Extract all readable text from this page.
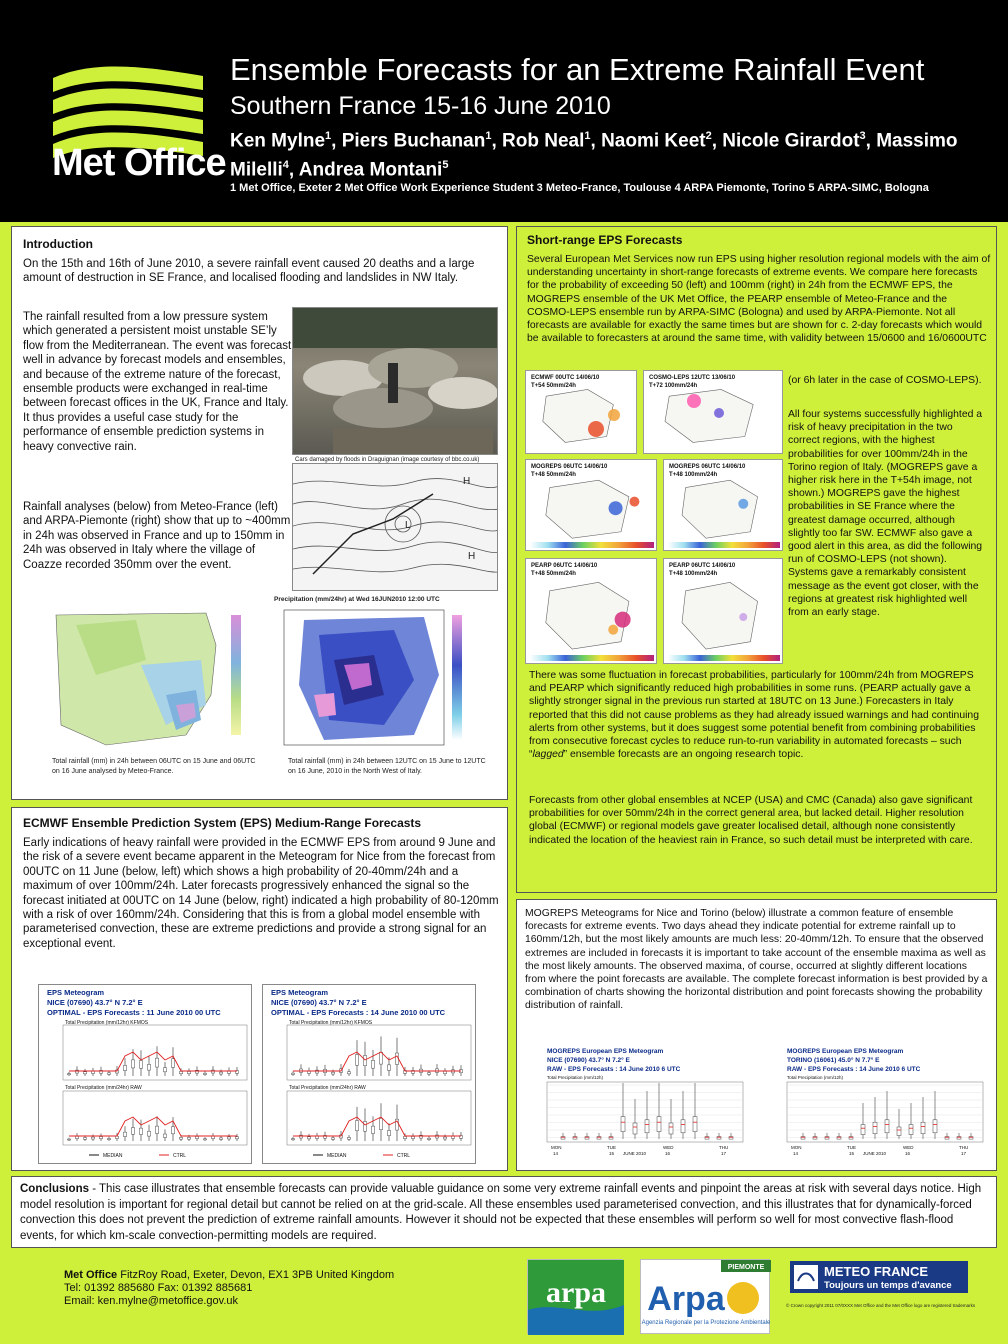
Met Office
Ensemble Forecasts for an Extreme Rainfall Event
Southern France 15-16 June 2010
Ken Mylne$^1$, Piers Buchanan$^1$, Rob Neal$^1$, Naomi Keet$^2$, Nicole Girardot$^3$, Massimo Milelli$^4$, Andrea Montani$^5$
1 Met Office, Exeter 2 Met Office Work Experience Student 3 Meteo-France, Toulouse 4 ARPA Piemonte, Torino 5 ARPA-SIMC, Bologna
Introduction
On the 15th and 16th of June 2010, a severe rainfall event caused 20 deaths and a large amount of destruction in SE France, and localised flooding and landslides in NW Italy.
The rainfall resulted from a low pressure system which generated a persistent moist unstable SE’ly flow from the Mediterranean. The event was forecast well in advance by forecast models and ensembles, and because of the extreme nature of the forecast, ensemble products were exchanged in real-time between forecast offices in the UK, France and Italy. It thus provides a useful case study for the performance of ensemble prediction systems in heavy convective rain.
Rainfall analyses (below) from Meteo-France (left) and ARPA-Piemonte (right) show that up to ~400mm in 24h was observed in France and up to 150mm in 24h was observed in Italy where the village of Coazze recorded 350mm over the event.
Cars damaged by floods in Draguignan (image courtesy of bbc.co.uk)
L
H
H
Total rainfall (mm) in 24h between 06UTC on 15 June and 06UTC on 16 June analysed by Meteo-France.
Precipitation (mm/24hr) at Wed 16JUN2010 12:00 UTC
Total rainfall (mm) in 24h between 12UTC on 15 June to 12UTC on 16 June, 2010 in the North West of Italy.
ECMWF Ensemble Prediction System (EPS) Medium-Range Forecasts
Early indications of heavy rainfall were provided in the ECMWF EPS from around 9 June and the risk of a severe event became apparent in the Meteogram for Nice from the forecast from 00UTC on 11 June (below, left) which shows a high probability of 20-40mm/24h and a maximum of over 100mm/24h. Later forecasts progressively enhanced the signal so the forecast initiated at 00UTC on 14 June (below, right) indicated a high probability of 80-120mm with a risk of over 160mm/24h. Considering that this is from a global model ensemble with parameterised convection, these are extreme predictions and provide a strong signal for an exceptional event.
EPS Meteogram
NICE (07690) 43.7° N 7.2° E
OPTIMAL - EPS Forecasts : 11 June 2010 00 UTC
Total Precipitation (mm/12hr) KFMOS
Total Precipitation (mm/24hr) RAW
MEDIAN	CTRL
EPS Meteogram
NICE (07690) 43.7° N 7.2° E
OPTIMAL - EPS Forecasts : 14 June 2010 00 UTC
Total Precipitation (mm/12hr) KFMOS
Total Precipitation (mm/24hr) RAW
MEDIAN	CTRL
Short-range EPS Forecasts
Several European Met Services now run EPS using higher resolution regional models with the aim of understanding uncertainty in short-range forecasts of extreme events. We compare here forecasts for the probability of exceeding 50 (left) and 100mm (right) in 24h from the ECMWF EPS, the MOGREPS ensemble of the UK Met Office, the PEARP ensemble of Meteo-France and the COSMO-LEPS ensemble run by ARPA-SIMC (Bologna) and used by ARPA-Piemonte. Not all forecasts are available for exactly the same times but are shown for c. 2-day forecasts which would be available to forecasters at around the same time, with validity between 15/0600 and 16/0600UTC
ECMWF 00UTC 14/06/10
T+54 50mm/24h
COSMO-LEPS 12UTC 13/06/10
T+72 100mm/24h
MOGREPS 06UTC 14/06/10
T+48 50mm/24h
MOGREPS 06UTC 14/06/10
T+48 100mm/24h
PEARP 06UTC 14/06/10
T+48 50mm/24h
PEARP 06UTC 14/06/10
T+48 100mm/24h
(or 6h later in the case of COSMO-LEPS).
All four systems successfully highlighted a risk of heavy precipitation in the two correct regions, with the highest probabilities for over 100mm/24h in the Torino region of Italy. (MOGREPS gave a higher risk here in the T+54h image, not shown.) MOGREPS gave the highest probabilities in SE France where the greatest damage occurred, although slightly too far SW. ECMWF also gave a good alert in this area, as did the following run of COSMO-LEPS (not shown). Systems gave a remarkably consistent message as the event got closer, with the regions at greatest risk highlighted well from an early stage.
There was some fluctuation in forecast probabilities, particularly for 100mm/24h from MOGREPS and PEARP which significantly reduced high probabilities in some runs. (PEARP actually gave a slightly stronger signal in the previous run started at 18UTC on 13 June.) Forecasters in Italy reported that this did not cause problems as they had already issued warnings and had continuing alerts from other systems, but it does suggest some potential benefit from combining probabilities from consecutive forecast cycles to reduce run-to-run variability in automated forecasts – such “lagged” ensemble forecasts are an ongoing research topic.
Forecasts from other global ensembles at NCEP (USA) and CMC (Canada) also gave significant probabilities for over 50mm/24h in the correct general area, but lacked detail. Higher resolution global (ECMWF) or regional models gave greater localised detail, although none consistently indicated the location of the heaviest rain in France, so such detail must be interpreted with care.
MOGREPS Meteograms for Nice and Torino (below) illustrate a common feature of ensemble forecasts for extreme events. Two days ahead they indicate potential for extreme rainfall up to 160mm/12h, but the most likely amounts are much less: 20-40mm/12h. To ensure that the observed extremes are included in forecasts it is important to take account of the ensemble maxima as well as the most likely amounts. The observed maxima, of course, occurred at slightly different locations from where the point forecasts are available. The complete forecast information is best provided by a combination of charts showing the horizontal distribution and point forecasts showing the probability distribution of rainfall.
MOGREPS European EPS Meteogram
NICE (07690) 43.7° N 7.2° E
RAW - EPS Forecasts : 14 June 2010 6 UTC
Total Precipitation (mm/12h)
MON
14
TUE
15
WED
16
THU
17
JUNE 2010
MOGREPS European EPS Meteogram
TORINO (16061) 45.0° N 7.7° E
RAW - EPS Forecasts : 14 June 2010 6 UTC
Total Precipitation (mm/12h)
MON
14
TUE
15
WED
16
THU
17
JUNE 2010
Conclusions - This case illustrates that ensemble forecasts can provide valuable guidance on some very extreme rainfall events and pinpoint the areas at risk with several days notice. High model resolution is important for regional detail but cannot be relied on at the grid-scale. All these ensembles used parameterised convection, and this illustrates that for dynamically-forced convection this does not prevent the prediction of extreme rainfall amounts. However it should not be expected that these ensembles will perform so well for most convective flash-flood events, for which km-scale convection-permitting models are required.
Met Office FitzRoy Road, Exeter, Devon, EX1 3PB United Kingdom
Tel: 01392 885680 Fax: 01392 885681
Email: ken.mylne@metoffice.gov.uk	arpa
PIEMONTE
Arpa
Agenzia Regionale per la Protezione Ambientale
METEO FRANCE
Toujours un temps d'avance
© Crown copyright 2011 07/0XXX Met Office and the Met Office logo are registered trademarks
